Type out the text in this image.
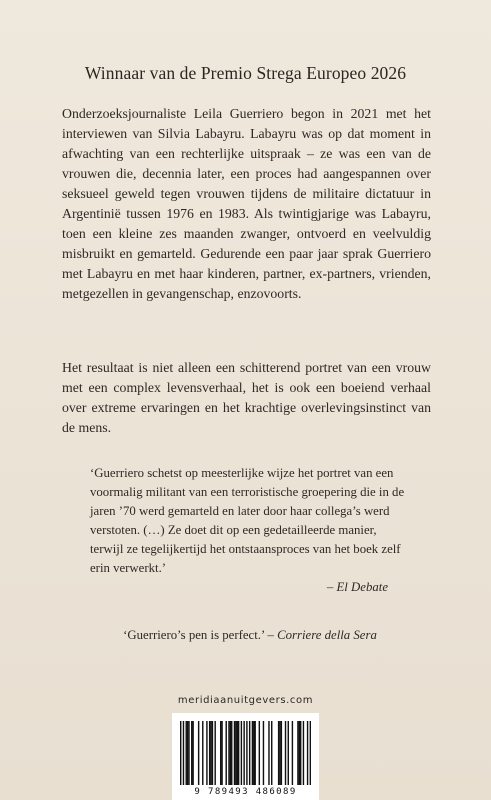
Winnaar van de Premio Strega Europeo 2026
Onderzoeksjournaliste Leila Guerriero begon in 2021 met het interviewen van Silvia Labayru. Labayru was op dat moment in afwachting van een rechterlijke uitspraak – ze was een van de vrouwen die, decennia later, een proces had aangespannen over seksueel geweld tegen vrouwen tijdens de militaire dictatuur in Argentinië tussen 1976 en 1983. Als twintigjarige was Labayru, toen een kleine zes maanden zwanger, ontvoerd en veelvuldig misbruikt en gemarteld. Gedurende een paar jaar sprak Guerriero met Labayru en met haar kinderen, partner, ex-partners, vrienden, metgezellen in gevangenschap, enzovoorts.
Het resultaat is niet alleen een schitterend portret van een vrouw met een complex levensverhaal, het is ook een boeiend verhaal over extreme ervaringen en het krachtige overlevingsinstinct van de mens.
‘Guerriero schetst op meesterlijke wijze het portret van een voormalig militant van een terroristische groepering die in de jaren ’70 werd gemarteld en later door haar collega’s werd verstoten. (…) Ze doet dit op een gedetailleerde manier, terwijl ze tegelijkertijd het ontstaansproces van het boek zelf erin verwerkt.’
– El Debate
‘Guerriero’s pen is perfect.’ – Corriere della Sera
meridiaanuitgevers.com
9 789493 486089
